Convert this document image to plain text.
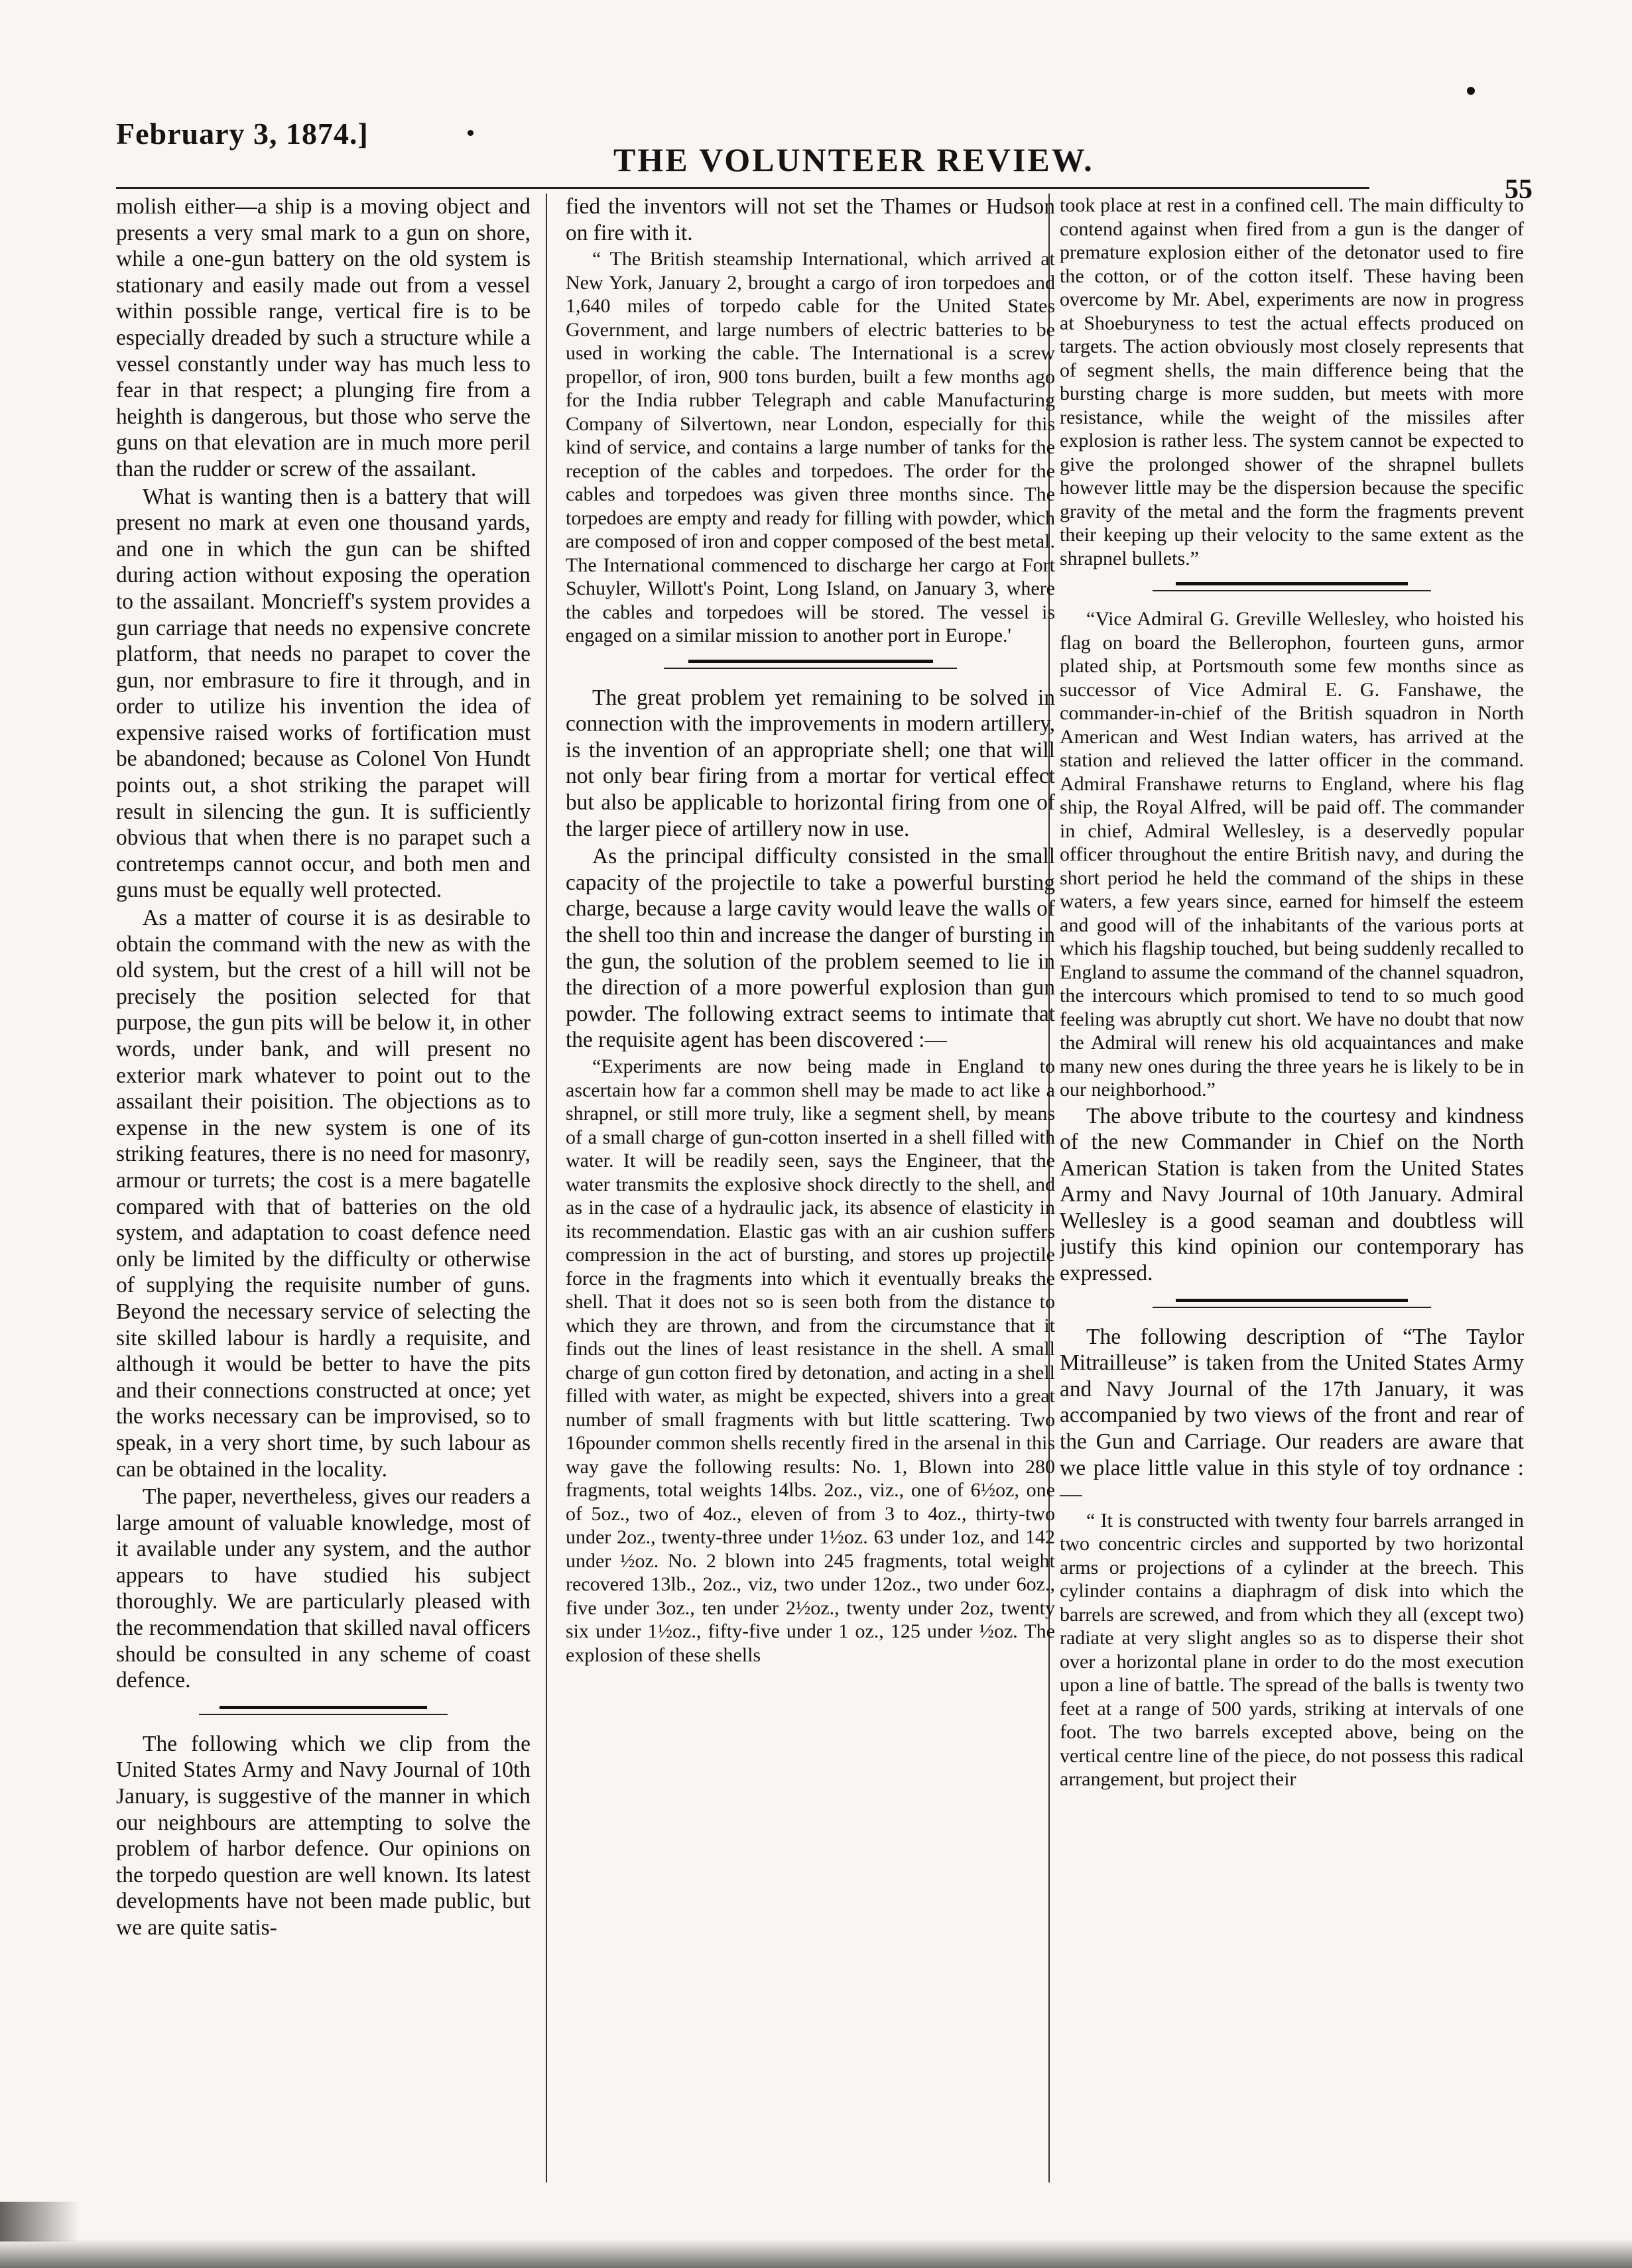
February 3, 1874.]
THE VOLUNTEER REVIEW.
55

molish either—a ship is a moving object and presents a very smal mark to a gun on shore, while a one-gun battery on the old system is stationary and easily made out from a vessel within possible range, vertical fire is to be especially dreaded by such a structure while a vessel constantly under way has much less to fear in that respect; a plunging fire from a heighth is dangerous, but those who serve the guns on that elevation are in much more peril than the rudder or screw of the assailant.

What is wanting then is a battery that will present no mark at even one thousand yards, and one in which the gun can be shifted during action without exposing the operation to the assailant. Moncrieff's system provides a gun carriage that needs no expensive concrete platform, that needs no parapet to cover the gun, nor embrasure to fire it through, and in order to utilize his invention the idea of expensive raised works of fortification must be abandoned; because as Colonel Von Hundt points out, a shot striking the parapet will result in silencing the gun. It is sufficiently obvious that when there is no parapet such a contretemps cannot occur, and both men and guns must be equally well protected.

As a matter of course it is as desirable to obtain the command with the new as with the old system, but the crest of a hill will not be precisely the position selected for that purpose, the gun pits will be below it, in other words, under bank, and will present no exterior mark whatever to point out to the assailant their poisition. The objections as to expense in the new system is one of its striking features, there is no need for masonry, armour or turrets; the cost is a mere bagatelle compared with that of batteries on the old system, and adaptation to coast defence need only be limited by the difficulty or otherwise of supplying the requisite number of guns. Beyond the necessary service of selecting the site skilled labour is hardly a requisite, and although it would be better to have the pits and their connections constructed at once; yet the works necessary can be improvised, so to speak, in a very short time, by such labour as can be obtained in the locality.

The paper, nevertheless, gives our readers a large amount of valuable knowledge, most of it available under any system, and the author appears to have studied his subject thoroughly. We are particularly pleased with the recommendation that skilled naval officers should be consulted in any scheme of coast defence.

The following which we clip from the United States Army and Navy Journal of 10th January, is suggestive of the manner in which our neighbours are attempting to solve the problem of harbor defence. Our opinions on the torpedo question are well known. Its latest developments have not been made public, but we are quite satis-

fied the inventors will not set the Thames or Hudson on fire with it.

“ The British steamship International, which arrived at New York, January 2, brought a cargo of iron torpedoes and 1,640 miles of torpedo cable for the United States Government, and large numbers of electric batteries to be used in working the cable. The International is a screw propellor, of iron, 900 tons burden, built a few months ago for the India rubber Telegraph and cable Manufacturing Company of Silvertown, near London, especially for this kind of service, and contains a large number of tanks for the reception of the cables and torpedoes. The order for the cables and torpedoes was given three months since. The torpedoes are empty and ready for filling with powder, which are composed of iron and copper composed of the best metal. The International commenced to discharge her cargo at Fort Schuyler, Willott's Point, Long Island, on January 3, where the cables and torpedoes will be stored. The vessel is engaged on a similar mission to another port in Europe.'

The great problem yet remaining to be solved in connection with the improvements in modern artillery, is the invention of an appropriate shell; one that will not only bear firing from a mortar for vertical effect but also be applicable to horizontal firing from one of the larger piece of artillery now in use.

As the principal difficulty consisted in the small capacity of the projectile to take a powerful bursting charge, because a large cavity would leave the walls of the shell too thin and increase the danger of bursting in the gun, the solution of the problem seemed to lie in the direction of a more powerful explosion than gun powder. The following extract seems to intimate that the requisite agent has been discovered :—

“Experiments are now being made in England to ascertain how far a common shell may be made to act like a shrapnel, or still more truly, like a segment shell, by means of a small charge of gun-cotton inserted in a shell filled with water. It will be readily seen, says the Engineer, that the water transmits the explosive shock directly to the shell, and as in the case of a hydraulic jack, its absence of elasticity in its recommendation. Elastic gas with an air cushion suffers compression in the act of bursting, and stores up projectile force in the fragments into which it eventually breaks the shell. That it does not so is seen both from the distance to which they are thrown, and from the circumstance that it finds out the lines of least resistance in the shell. A small charge of gun cotton fired by detonation, and acting in a shell filled with water, as might be expected, shivers into a great number of small fragments with but little scattering. Two 16pounder common shells recently fired in the arsenal in this way gave the following results: No. 1, Blown into 280 fragments, total weights 14lbs. 2oz., viz., one of 6½oz, one of 5oz., two of 4oz., eleven of from 3 to 4oz., thirty-two under 2oz., twenty-three under 1½oz. 63 under 1oz, and 142 under ½oz. No. 2 blown into 245 fragments, total weight recovered 13lb., 2oz., viz, two under 12oz., two under 6oz., five under 3oz., ten under 2½oz., twenty under 2oz, twenty six under 1½oz., fifty-five under 1 oz., 125 under ½oz. The explosion of these shells

took place at rest in a confined cell. The main difficulty to contend against when fired from a gun is the danger of premature explosion either of the detonator used to fire the cotton, or of the cotton itself. These having been overcome by Mr. Abel, experiments are now in progress at Shoeburyness to test the actual effects produced on targets. The action obviously most closely represents that of segment shells, the main difference being that the bursting charge is more sudden, but meets with more resistance, while the weight of the missiles after explosion is rather less. The system cannot be expected to give the prolonged shower of the shrapnel bullets however little may be the dispersion because the specific gravity of the metal and the form the fragments prevent their keeping up their velocity to the same extent as the shrapnel bullets.”

“Vice Admiral G. Greville Wellesley, who hoisted his flag on board the Bellerophon, fourteen guns, armor plated ship, at Portsmouth some few months since as successor of Vice Admiral E. G. Fanshawe, the commander-in-chief of the British squadron in North American and West Indian waters, has arrived at the station and relieved the latter officer in the command. Admiral Franshawe returns to England, where his flag ship, the Royal Alfred, will be paid off. The commander in chief, Admiral Wellesley, is a deservedly popular officer throughout the entire British navy, and during the short period he held the command of the ships in these waters, a few years since, earned for himself the esteem and good will of the inhabitants of the various ports at which his flagship touched, but being suddenly recalled to England to assume the command of the channel squadron, the intercours which promised to tend to so much good feeling was abruptly cut short. We have no doubt that now the Admiral will renew his old acquaintances and make many new ones during the three years he is likely to be in our neighborhood.”

The above tribute to the courtesy and kindness of the new Commander in Chief on the North American Station is taken from the United States Army and Navy Journal of 10th January. Admiral Wellesley is a good seaman and doubtless will justify this kind opinion our contemporary has expressed.

The following description of “The Taylor Mitrailleuse” is taken from the United States Army and Navy Journal of the 17th January, it was accompanied by two views of the front and rear of the Gun and Carriage. Our readers are aware that we place little value in this style of toy ordnance :—

“ It is constructed with twenty four barrels arranged in two concentric circles and supported by two horizontal arms or projections of a cylinder at the breech. This cylinder contains a diaphragm of disk into which the barrels are screwed, and from which they all (except two) radiate at very slight angles so as to disperse their shot over a horizontal plane in order to do the most execution upon a line of battle. The spread of the balls is twenty two feet at a range of 500 yards, striking at intervals of one foot. The two barrels excepted above, being on the vertical centre line of the piece, do not possess this radical arrangement, but project their
